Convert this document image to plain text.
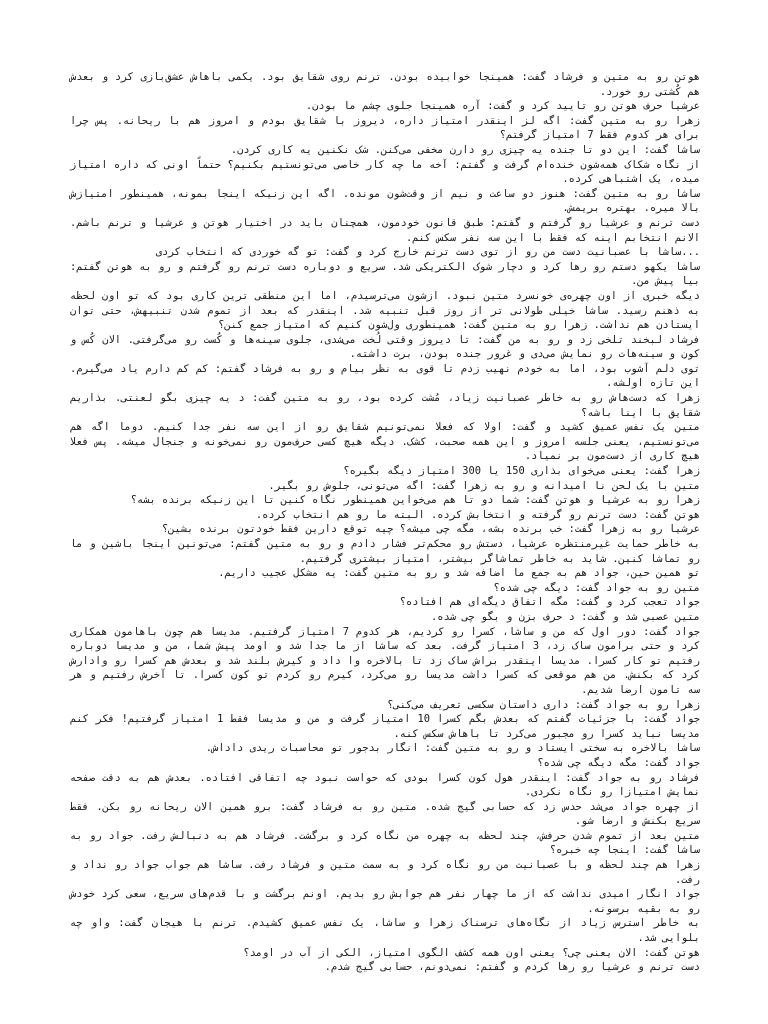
هوتن رو به متین و فرشاد گفت: همینجا خوابیده بودن. ترنم روی شقایق بود. یکمی باهاش عشق‌بازی کرد و بعدش هم کُشتی رو خورد.

عرشیا حرف هوتن رو تایید کرد و گفت: آره همینجا جلوی چشم ما بودن.

زهرا رو به متین گفت: اگه لز اینقدر امتیاز داره، دیروز با شقایق بودم و امروز هم با ریحانه. پس چرا برای هر کدوم فقط 7 امتیاز گرفتم؟

ساشا گفت: این دو تا جنده یه چیزی رو دارن مخفی می‌کنن. شک نکنین یه کاری کردن.

از نگاه شکاک همه‌شون خنده‌ام گرفت و گفتم: آخه ما چه کار خاصی می‌تونستیم بکنیم؟ حتماً اونی که داره امتیاز میده، یک اشتباهی کرده.

ساشا رو به متین گفت: هنوز دو ساعت و نیم از وقت‌شون مونده. اگه این زنیکه اینجا بمونه، همینطور امتیازش بالا میره. بهتره بریمش.

دست ترنم و عرشیا رو گرفتم و گفتم: طبق قانون خودمون، همچنان باید در اختیار هوتن و عرشیا و ترنم باشم. الانم انتخابم اینه که فقط با این سه نفر سکس کنم.

...ساشا با عصبانیت دست من رو از توی دست ترنم خارج کرد و گفت: تو گه خوردی که انتخاب کردی

ساشا یکهو دستم رو رها کرد و دچار شوک الکتریکی شد. سریع و دوباره دست ترنم رو گرفتم و رو به هوتن گفتم: بیا پیش من.

دیگه خبری از اون چهره‌ی خونسرد متین نبود. ازشون می‌ترسیدم، اما این منطقی ترین کاری بود که تو اون لحظه به ذهنم رسید. ساشا خیلی طولانی تر از روز قبل تنبیه شد. اینقدر که بعد از تموم شدن تنبیهش، حتی توان ایستادن هم نداشت. زهرا رو به متین گفت: همینطوری ول‌شون کنیم که امتیاز جمع کنن؟

فرشاد لبخند تلخی زد و رو به من گفت: تا دیروز وقتی لُخت می‌شدی، جلوی سینه‌ها و کُست رو می‌گرفتی. الان کُس و کون و سینه‌هات رو نمایش می‌دی و غرور جنده بودن، برت داشته.

توی دلم آشوب بود، اما به خودم نهیب زدم تا قوی به نظر بیام و رو به فرشاد گفتم: کم کم دارم یاد می‌گیرم. این تازه اولشه.

زهرا که دست‌هاش رو به خاطر عصبانیت زیاد، مُشت کرده بود، رو به متین گفت: د یه چیزی بگو لعنتی. بذاریم شقایق با اینا باشه؟

متین یک نفس عمیق کشید و گفت: اولا که فعلا نمی‌تونیم شقایق رو از این سه نفر جدا کنیم. دوما اگه هم می‌تونستیم، یعنی جلسه امروز و این همه صحبت، کشک. دیگه هیچ کسی حرف‌مون رو نمی‌خونه و جنجال میشه. پس فعلا هیچ کاری از دست‌مون بر نمیاد.

زهرا گفت: یعنی می‌خوای بذاری 150 یا 300 امتیاز دیگه بگیره؟

متین با یک لحن نا امیدانه و رو به زهرا گفت: اگه می‌تونی، جلوش رو بگیر.

زهرا رو به عرشیا و هوتن گفت: شما دو تا هم می‌خواین همینطور نگاه کنین تا این زنیکه برنده بشه؟

هوتن گفت: دست ترنم رو گرفته و انتخابش کرده. البته ما رو هم انتخاب کرده.

عرشیا رو به زهرا گفت: خب برنده بشه، مگه چی میشه؟ چیه توقع دارین فقط خودتون برنده بشین؟

به خاطر حمایت غیرمنتظره عرشیا، دستش رو محکم‌تر فشار دادم و رو به متین گفتم: می‌تونین اینجا باشین و ما رو تماشا کنین. شاید به خاطر تماشاگر بیشتر، امتیاز بیشتری گرفتیم.

تو همین حین، جواد هم به جمع ما اضافه شد و رو به متین گفت: یه مشکل عجیب داریم.

متین رو به جواد گفت: دیگه چی شده؟

جواد تعجب کرد و گفت: مگه اتفاق دیگه‌ای هم افتاده؟

متین عصبی شد و گفت: د حرف بزن و بگو چی شده.

جواد گفت: دور اول که من و ساشا، کسرا رو کردیم، هر کدوم 7 امتیاز گرفتیم. مدیسا هم چون باهامون همکاری کرد و حتی برامون ساک زد، 3 امتیاز گرفت. بعد که ساشا از ما جدا شد و اومد پیش شما، من و مدیسا دوباره رفتیم تو کار کسرا. مدیسا اینقدر براش ساک زد تا بالاخره وا داد و کیرش بلند شد و بعدش هم کسرا رو وادارش کرد که بکنش. من هم موقعی که کسرا داشت مدیسا رو می‌کرد، کیرم رو کردم تو کون کسرا. تا آخرش رفتیم و هر سه تامون ارضا شدیم.

زهرا رو به جواد گفت: داری داستان سکسی تعریف می‌کنی؟

جواد گفت: با جزئیات گفتم که بعدش بگم کسرا 10 امتیاز گرفت و من و مدیسا فقط 1 امتیاز گرفتیم! فکر کنم مدیسا نباید کسرا رو مجبور می‌کرد تا باهاش سکس کنه.

ساشا بالاخره به سختی ایستاد و رو به متین گفت: انگار بدجور تو محاسبات ریدی داداش.

جواد گفت: مگه دیگه چی شده؟

فرشاد رو به جواد گفت: اینقدر هول کون کسرا بودی که حواست نبود چه اتفاقی افتاده. بعدش هم به دقت صفحه نمایش امتیازا رو نگاه نکردی.

از چهره جواد می‌شد حدس زد که حسابی گیج شده. متین رو به فرشاد گفت: برو همین الان ریحانه رو بکن. فقط سریع بکنش و ارضا شو.

متین بعد از تموم شدن حرفش، چند لحظه به چهره من نگاه کرد و برگشت. فرشاد هم به دنبالش رفت. جواد رو به ساشا گفت: اینجا چه خبره؟

زهرا هم چند لحظه و با عصبانیت من رو نگاه کرد و به سمت متین و فرشاد رفت. ساشا هم جواب جواد رو نداد و رفت.

جواد انگار امیدی نداشت که از ما چهار نفر هم جوابش رو بدیم. اونم برگشت و با قدم‌های سریع، سعی کرد خودش رو به بقیه برسونه.

به خاطر استرس زیاد از نگاه‌های ترسناک زهرا و ساشا، یک نفس عمیق کشیدم. ترنم با هیجان گفت: واو چه بلوایی شد.

هوتن گفت: الان یعنی چی؟ یعنی اون همه کشف الگوی امتیاز، الکی از آب در اومد؟

دست ترنم و عرشیا رو رها کردم و گفتم: نمی‌دونم، حسابی گیج شدم.
